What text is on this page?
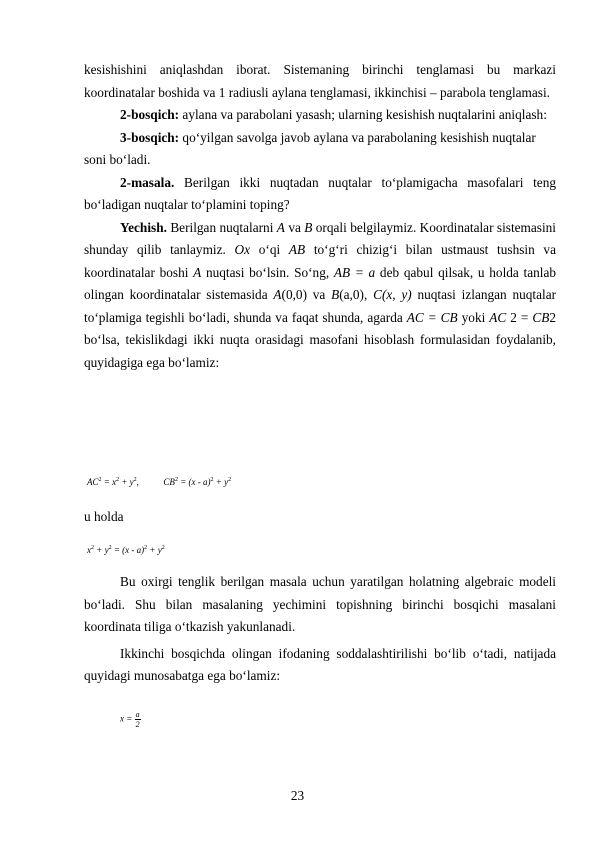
kesishishini aniqlashdan iborat. Sistemaning birinchi tenglamasi bu markazi koordinatalar boshida va 1 radiusli aylana tenglamasi, ikkinchisi – parabola tenglamasi.

2-bosqich: aylana va parabolani yasash; ularning kesishish nuqtalarini aniqlash:

3-bosqich: qo‘yilgan savolga javob aylana va parabolaning kesishish nuqtalar

soni bo‘ladi.

2-masala. Berilgan ikki nuqtadan nuqtalar to‘plamigacha masofalari teng bo‘ladigan nuqtalar to‘plamini toping?

Yechish. Berilgan nuqtalarni A va B orqali belgilaymiz. Koordinatalar sistemasini shunday qilib tanlaymiz. Ox o‘qi AB to‘g‘ri chizig‘i bilan ustmaust tushsin va koordinatalar boshi A nuqtasi bo‘lsin. So‘ng, AB = a deb qabul qilsak, u holda tanlab olingan koordinatalar sistemasida A(0,0) va B(a,0), C(x, y) nuqtasi izlangan nuqtalar to‘plamiga tegishli bo‘ladi, shunda va faqat shunda, agarda AC = CB yoki AC 2 = CB2 bo‘lsa, tekislikdagi ikki nuqta orasidagi masofani hisoblash formulasidan foydalanib, quyidagiga ega bo‘lamiz:

$AC^2 = x^2 + y^2$,	$CB^2 = (x - a)^2 + y^2$

u holda

$x^2 + y^2 = (x - a)^2 + y^2$

Bu oxirgi tenglik berilgan masala uchun yaratilgan holatning algebraic modeli bo‘ladi. Shu bilan masalaning yechimini topishning birinchi bosqichi masalani koordinata tiliga o‘tkazish yakunlanadi.

Ikkinchi bosqichda olingan ifodaning soddalashtirilishi bo‘lib o‘tadi, natijada quyidagi munosabatga ega bo‘lamiz:

$x = \frac{a}{2}$
23
